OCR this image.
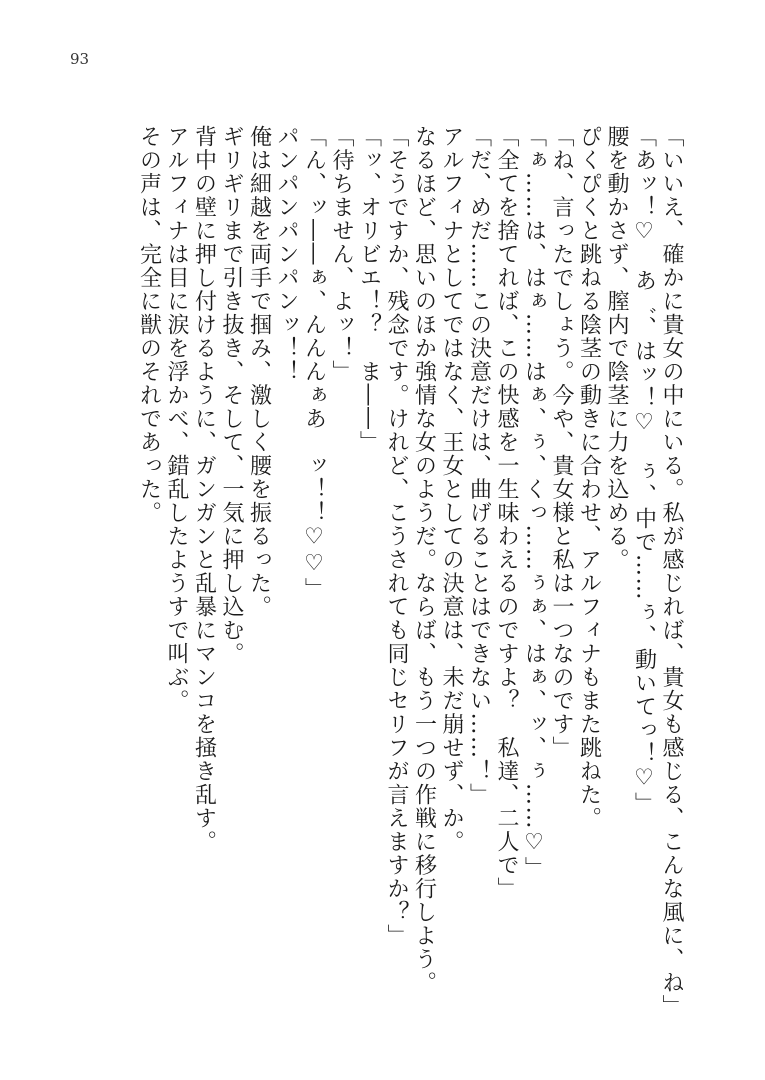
93
「いいえ、確かに貴女の中にいる。私が感じれば、貴女も感じる、こんな風に、ね」
「あッ！♡　あ゛、はッ！♡　ぅ、中で……ぅ、動いてっ！♡」
腰を動かさず、膣内で陰茎に力を込める。
ぴくぴくと跳ねる陰茎の動きに合わせ、アルフィナもまた跳ねた。
「ね、言ったでしょう。今や、貴女様と私は一つなのです」
「ぁ……は、はぁ……はぁ、ぅ、くっ……ぅぁ、はぁ、ッ、ぅ……♡」
「全てを捨てれば、この快感を一生味わえるのですよ？　私達、二人で」
「だ、めだ……この決意だけは、曲げることはできない……！」
アルフィナとしてではなく、王女としての決意は、未だ崩せず、か。
なるほど、思いのほか強情な女のようだ。ならば、もう一つの作戦に移行しよう。
「そうですか、残念です。けれど、こうされても同じセリフが言えますか？」
「ッ、オリビエ！？　ま――」
「待ちません、よッ！」
「ん、ッ――ぁ、んんんぁあ　ッ！！♡♡」
パンパンパンパンッ！！
俺は細越を両手で掴み、激しく腰を振るった。
ギリギリまで引き抜き、そして、一気に押し込む。
背中の壁に押し付けるように、ガンガンと乱暴にマンコを掻き乱す。
アルフィナは目に涙を浮かべ、錯乱したようすで叫ぶ。
その声は、完全に獣のそれであった。
